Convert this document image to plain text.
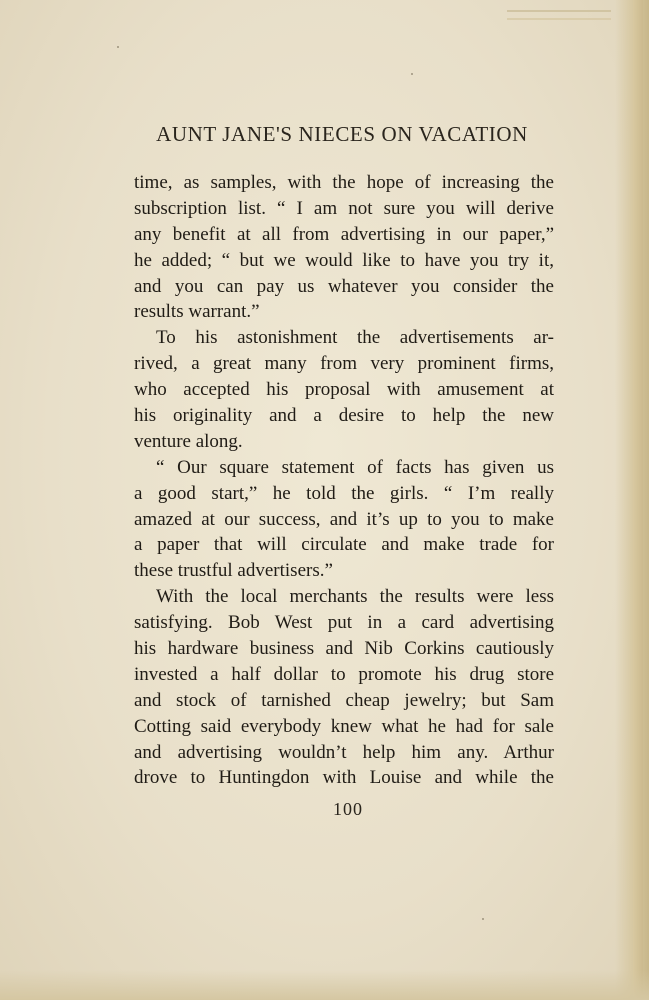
AUNT JANE'S NIECES ON VACATION
time, as samples, with the hope of increasing the
subscription list. “ I am not sure you will derive
any benefit at all from advertising in our paper,”
he added; “ but we would like to have you try it,
and you can pay us whatever you consider the
results warrant.”
To his astonishment the advertisements ar-
rived, a great many from very prominent firms,
who accepted his proposal with amusement at
his originality and a desire to help the new
venture along.
“ Our square statement of facts has given us
a good start,” he told the girls. “ I’m really
amazed at our success, and it’s up to you to make
a paper that will circulate and make trade for
these trustful advertisers.”
With the local merchants the results were less
satisfying. Bob West put in a card advertising
his hardware business and Nib Corkins cautiously
invested a half dollar to promote his drug store
and stock of tarnished cheap jewelry; but Sam
Cotting said everybody knew what he had for sale
and advertising wouldn’t help him any. Arthur
drove to Huntingdon with Louise and while the
100
